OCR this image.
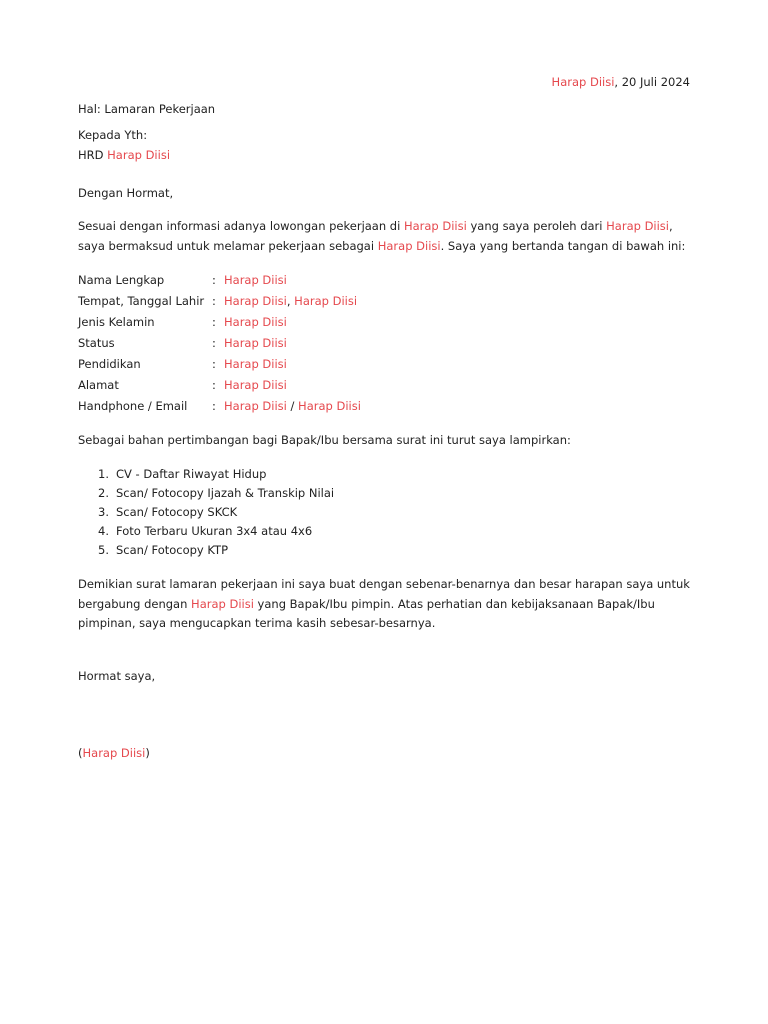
Harap Diisi, 20 Juli 2024
Hal: Lamaran Pekerjaan
Kepada Yth:
HRD Harap Diisi
Dengan Hormat,
Sesuai dengan informasi adanya lowongan pekerjaan di Harap Diisi yang saya peroleh dari Harap Diisi, saya bermaksud untuk melamar pekerjaan sebagai Harap Diisi. Saya yang bertanda tangan di bawah ini:
Nama Lengkap	: Harap Diisi
Tempat, Tanggal Lahir : Harap Diisi, Harap Diisi
Jenis Kelamin	: Harap Diisi
Status	: Harap Diisi
Pendidikan	: Harap Diisi
Alamat	: Harap Diisi
Handphone / Email : Harap Diisi / Harap Diisi
Sebagai bahan pertimbangan bagi Bapak/Ibu bersama surat ini turut saya lampirkan:
1. CV - Daftar Riwayat Hidup
2. Scan/ Fotocopy Ijazah & Transkip Nilai
3. Scan/ Fotocopy SKCK
4. Foto Terbaru Ukuran 3x4 atau 4x6
5. Scan/ Fotocopy KTP
Demikian surat lamaran pekerjaan ini saya buat dengan sebenar-benarnya dan besar harapan saya untuk bergabung dengan Harap Diisi yang Bapak/Ibu pimpin. Atas perhatian dan kebijaksanaan Bapak/Ibu pimpinan, saya mengucapkan terima kasih sebesar-besarnya.
Hormat saya,
(Harap Diisi)
